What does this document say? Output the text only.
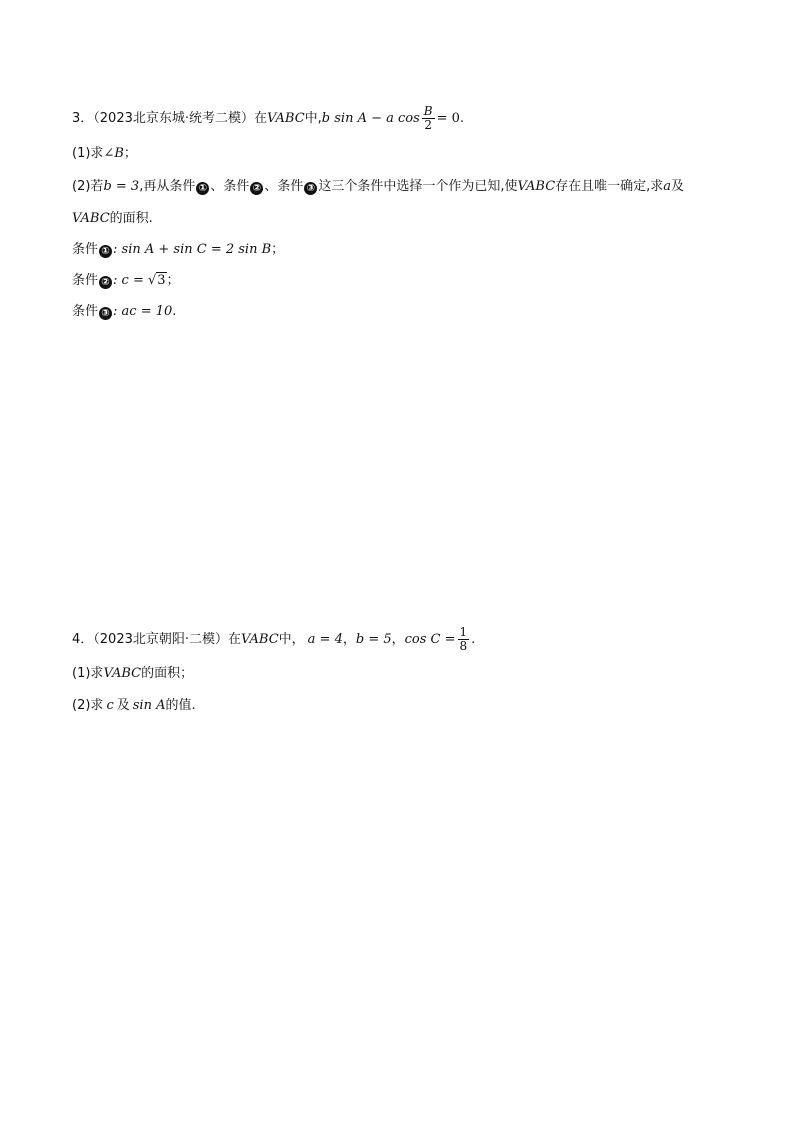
3．（2023北京东城·统考二模）在VABC中,b sin A − a $\cos \frac{B}{2} = 0$.
(1)求∠B；
(2)若b = 3,再从条件 ① 、条件 ② 、条件 ③ 这三个条件中选择一个作为已知,使VABC存在且唯一确定,求a及
VABC的面积.
条件 ① : sin A + sin C = 2 sin B；
条件 ② : c = √3；
条件 ③ : ac = 10.
4．（2023北京朝阳·二模）在VABC中， a = 4，b = 5，$\cos C = \frac{1}{8}$ .
(1)求VABC的面积；
(2)求 c 及 sin A的值.
